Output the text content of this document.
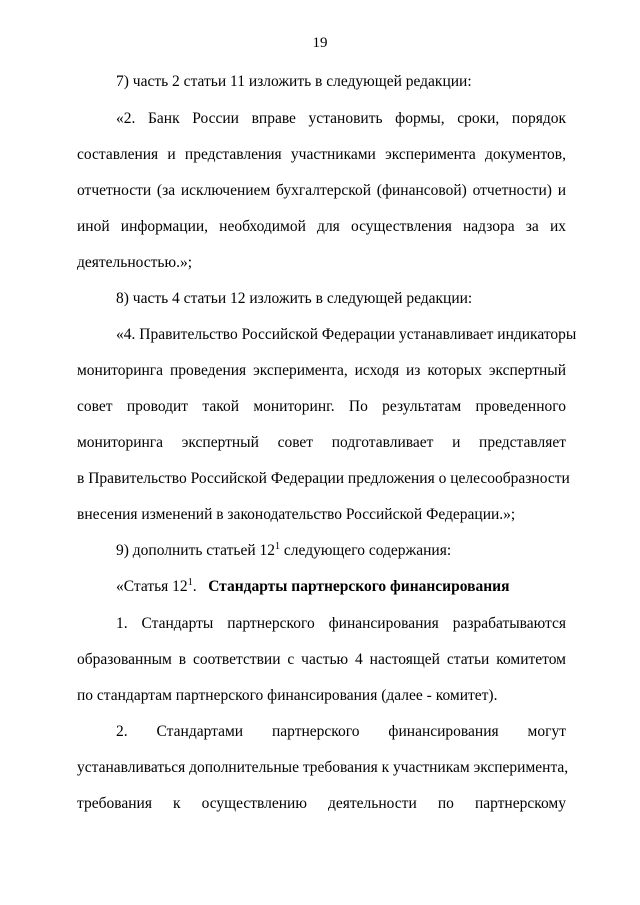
19
7) часть 2 статьи 11 изложить в следующей редакции:
«2. Банк России вправе установить формы, сроки, порядок
составления и представления участниками эксперимента документов,
отчетности (за исключением бухгалтерской (финансовой) отчетности) и
иной информации, необходимой для осуществления надзора за их
деятельностью.»;
8) часть 4 статьи 12 изложить в следующей редакции:
«4. Правительство Российской Федерации устанавливает индикаторы
мониторинга проведения эксперимента, исходя из которых экспертный
совет проводит такой мониторинг. По результатам проведенного
мониторинга экспертный совет подготавливает и представляет
в Правительство Российской Федерации предложения о целесообразности
внесения изменений в законодательство Российской Федерации.»;
9) дополнить статьей $12^1$ следующего содержания:
«Статья $12^1$. Стандарты партнерского финансирования
1. Стандарты партнерского финансирования разрабатываются
образованным в соответствии с частью 4 настоящей статьи комитетом
по стандартам партнерского финансирования (далее - комитет).
2. Стандартами партнерского финансирования могут
устанавливаться дополнительные требования к участникам эксперимента,
требования к осуществлению деятельности по партнерскому
